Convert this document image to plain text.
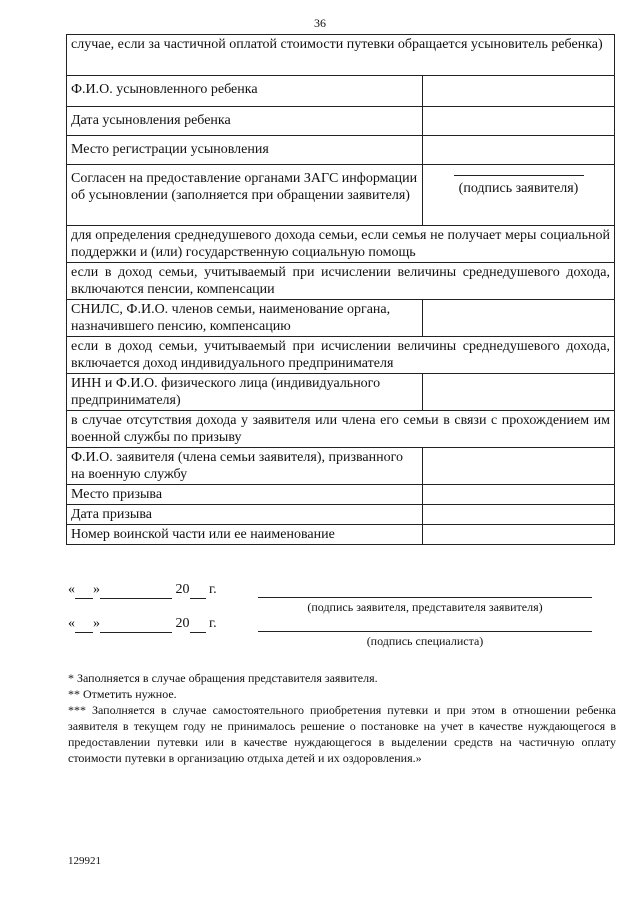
36
случае, если за частичной оплатой стоимости путевки обращается усыновитель ребенка)	
Ф.И.О. усыновленного ребенка	
Дата усыновления ребенка	
Место регистрации усыновления	
Согласен на предоставление органами ЗАГС информации об усыновлении (заполняется при обращении заявителя)	(подпись заявителя)
для определения среднедушевого дохода семьи, если семья не получает меры социальной поддержки и (или) государственную социальную помощь	
если в доход семьи, учитываемый при исчислении величины среднедушевого дохода, включаются пенсии, компенсации	
СНИЛС, Ф.И.О. членов семьи, наименование органа, назначившего пенсию, компенсацию	
если в доход семьи, учитываемый при исчислении величины среднедушевого дохода, включается доход индивидуального предпринимателя	
ИНН и Ф.И.О. физического лица (индивидуального предпринимателя)	
в случае отсутствия дохода у заявителя или члена его семьи в связи с прохождением им военной службы по призыву	
Ф.И.О. заявителя (члена семьи заявителя), призванного на военную службу	
Место призыва	
Дата призыва	
Номер воинской части или ее наименование	
« »	20 г.
(подпись заявителя, представителя заявителя)
« »	20 г.
(подпись специалиста)

* Заполняется в случае обращения представителя заявителя.

** Отметить нужное.

*** Заполняется в случае самостоятельного приобретения путевки и при этом в отношении ребенка заявителя в текущем году не принималось решение о постановке на учет в качестве нуждающегося в предоставлении путевки или в качестве нуждающегося в выделении средств на частичную оплату стоимости путевки в организацию отдыха детей и их оздоровления.»

129921
